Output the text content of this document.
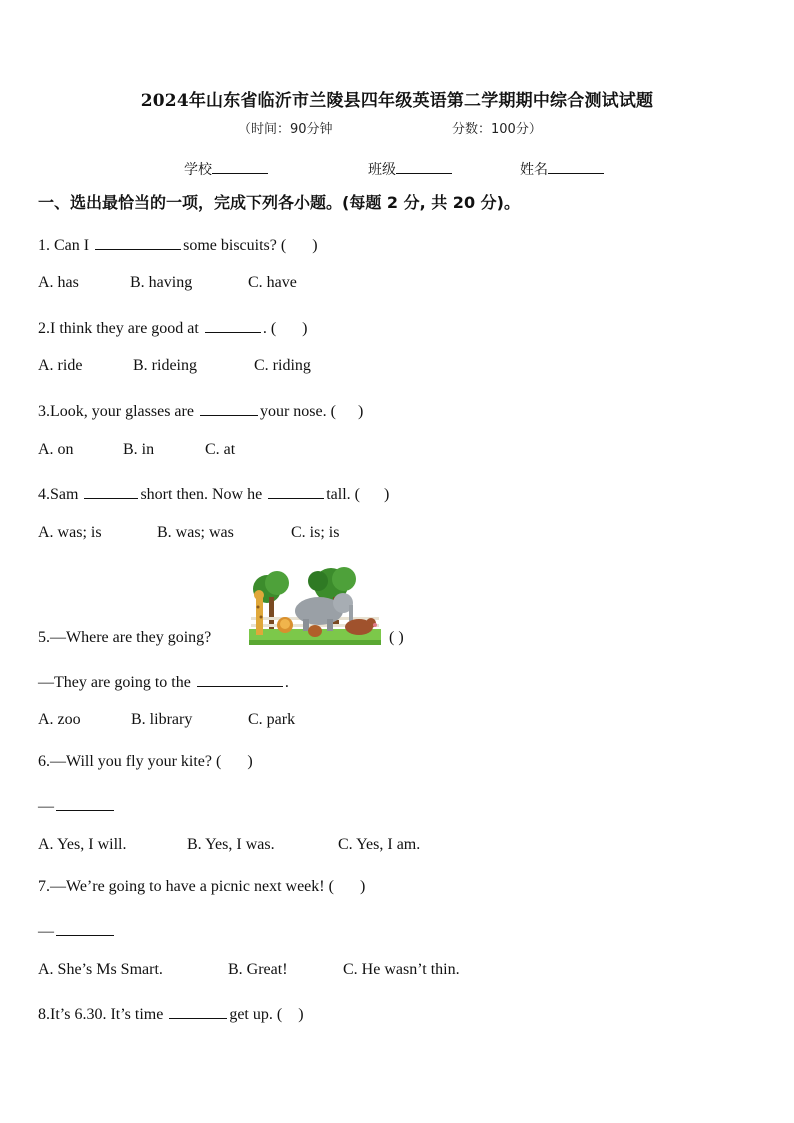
2024年山东省临沂市兰陵县四年级英语第二学期期中综合测试试题
（时间：90分钟	分数：100分）
学校	班级	姓名
一、选出最恰当的一项，完成下列各小题。(每题 2 分, 共 20 分)。
1. Can I	some biscuits? ( )
A. has	B. having	C. have
2.I think they are good at	. ( )
A. ride	B. rideing	C. riding
3.Look, your glasses are	your nose. ( )
A. on	B. in	C. at
4.Sam	short then. Now he	tall. ( )
A. was; is	B. was; was	C. is; is
5.—Where are they going?	( )
—They are going to the	.
A. zoo	B. library	C. park
6.—Will you fly your kite? ( )
—
A. Yes, I will.	B. Yes, I was.	C. Yes, I am.
7.—We’re going to have a picnic next week! ( )
—
A. She’s Ms Smart.	B. Great!	C. He wasn’t thin.
8.It’s 6.30. It’s time	get up. ( )
